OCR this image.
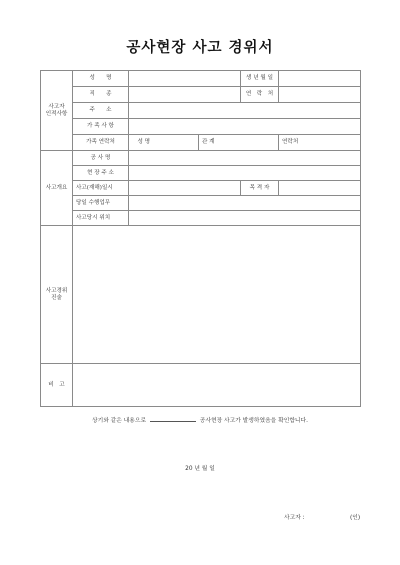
공사현장 사고 경위서
사고자
인적사항	성　　명				생 년 월 일	
	직　　종				연　락　처	
	주　　소					
	가 족 사 항					
	가족 연락처	성 명		관 계		연락처
사고개요	공 사 명					
	현 장 주 소					
	사고(재해)일시				목 격 자	
	당일 수행업무					
	사고당시 위치					
사고경위
진술						
비　고						
상기와 같은 내용으로	공사현장 사고가 발생하였음을 확인합니다.
20 년 월 일
사고자 :	(인)
